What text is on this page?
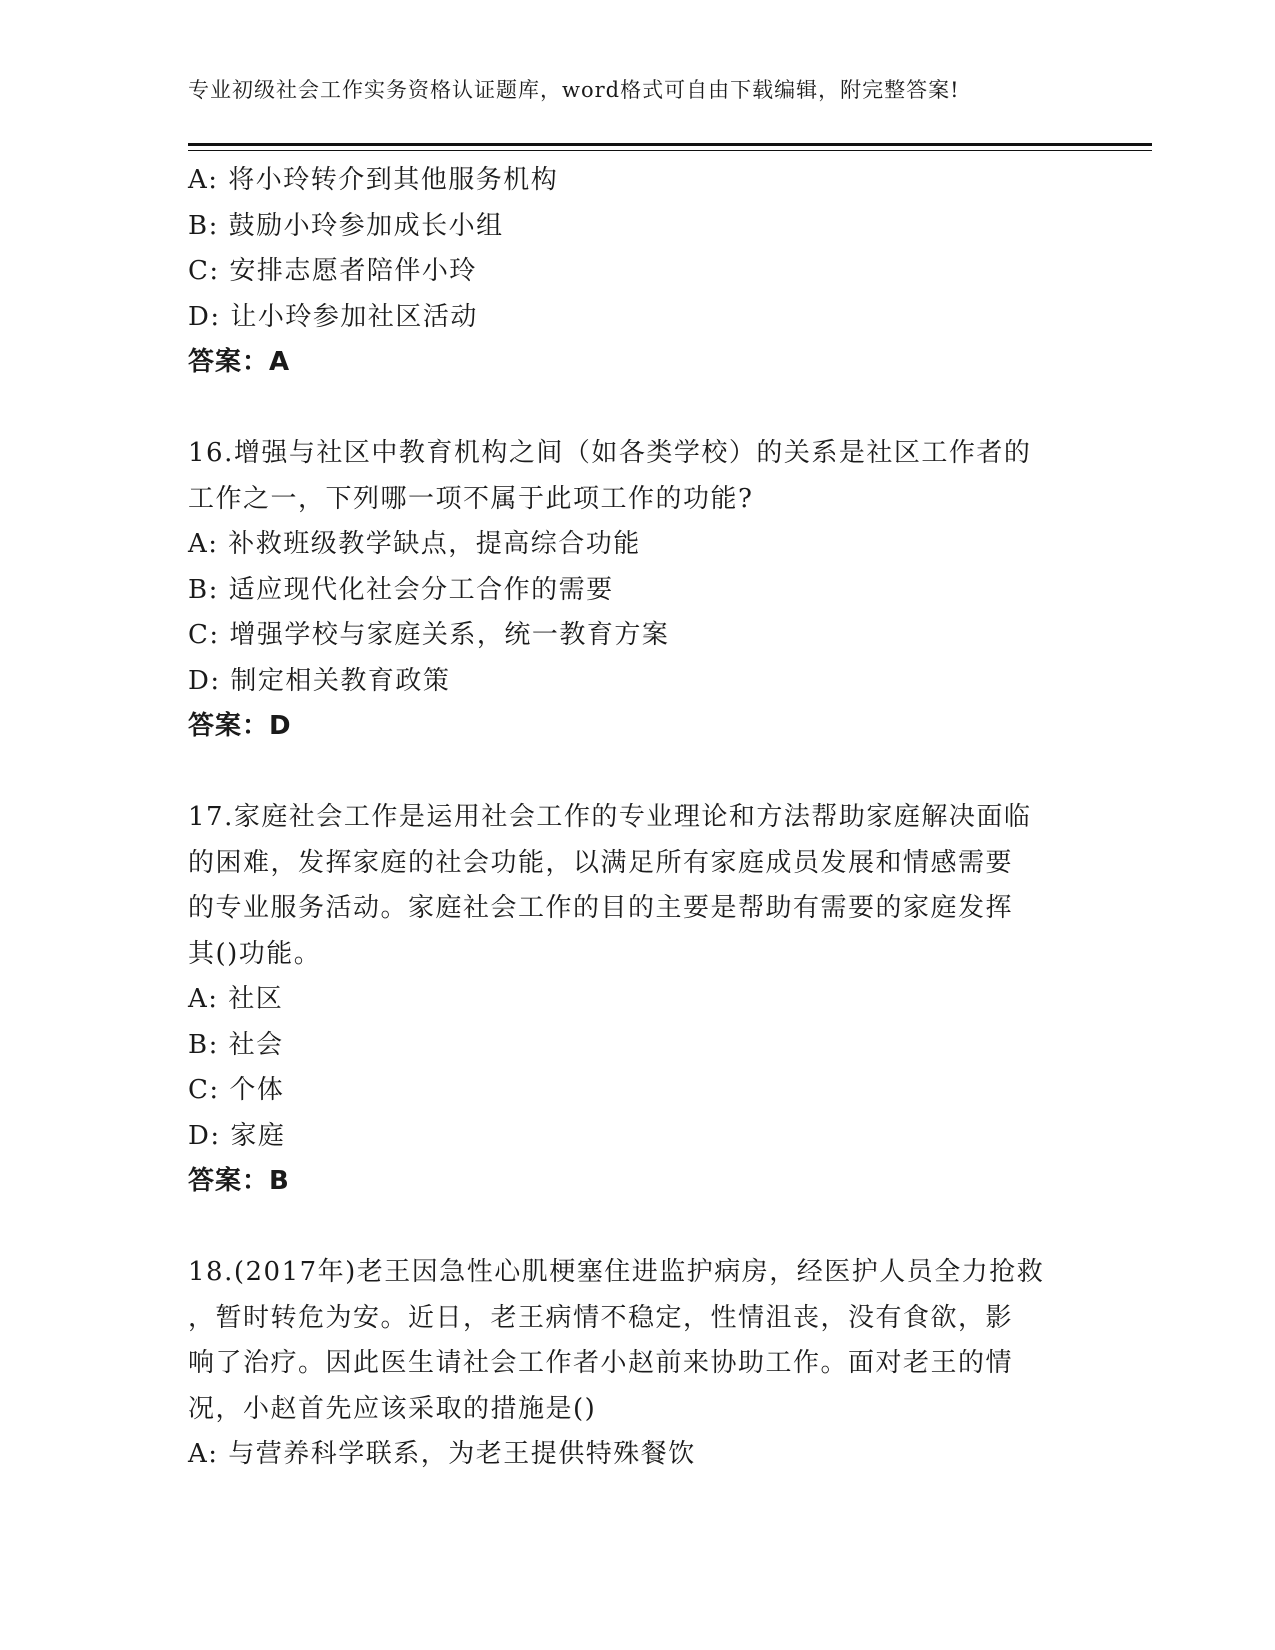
专业初级社会工作实务资格认证题库，word格式可自由下载编辑，附完整答案!
A: 将小玲转介到其他服务机构
B: 鼓励小玲参加成长小组
C: 安排志愿者陪伴小玲
D: 让小玲参加社区活动
答案：A
16.增强与社区中教育机构之间（如各类学校）的关系是社区工作者的
工作之一，下列哪一项不属于此项工作的功能?
A: 补救班级教学缺点，提高综合功能
B: 适应现代化社会分工合作的需要
C: 增强学校与家庭关系，统一教育方案
D: 制定相关教育政策
答案：D
17.家庭社会工作是运用社会工作的专业理论和方法帮助家庭解决面临
的困难，发挥家庭的社会功能，以满足所有家庭成员发展和情感需要
的专业服务活动。家庭社会工作的目的主要是帮助有需要的家庭发挥
其()功能。
A: 社区
B: 社会
C: 个体
D: 家庭
答案：B
18.(2017年)老王因急性心肌梗塞住进监护病房，经医护人员全力抢救
，暂时转危为安。近日，老王病情不稳定，性情沮丧，没有食欲，影
响了治疗。因此医生请社会工作者小赵前来协助工作。面对老王的情
况，小赵首先应该采取的措施是()
A: 与营养科学联系，为老王提供特殊餐饮
